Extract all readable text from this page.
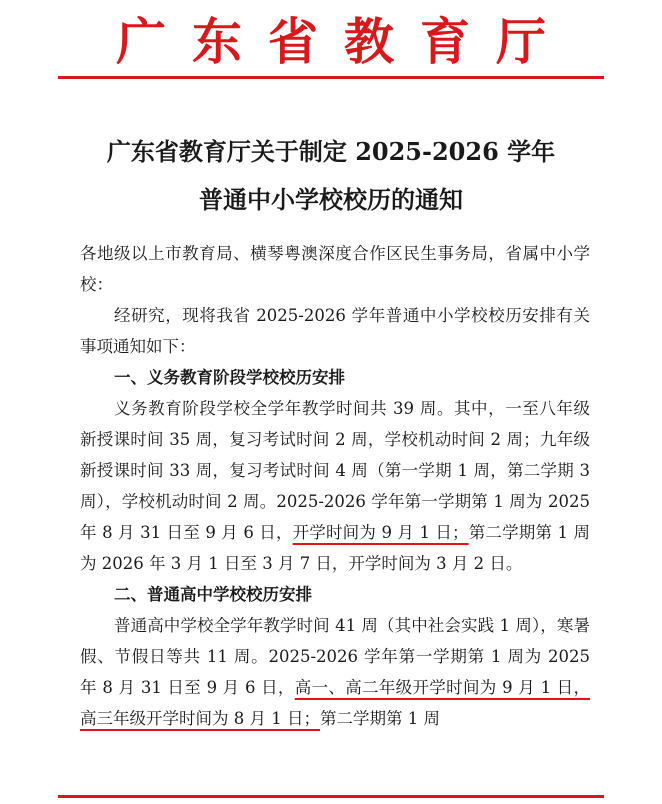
广 东 省 教 育 厅
广东省教育厅关于制定 2025-2026 学年
普通中小学校校历的通知

各地级以上市教育局、横琴粤澳深度合作区民生事务局，省属中小学校：

经研究，现将我省 2025-2026 学年普通中小学校校历安排有关事项通知如下：

一、义务教育阶段学校校历安排

义务教育阶段学校全学年教学时间共 39 周。其中，一至八年级新授课时间 35 周，复习考试时间 2 周，学校机动时间 2 周；九年级新授课时间 33 周，复习考试时间 4 周（第一学期 1 周，第二学期 3 周），学校机动时间 2 周。2025-2026 学年第一学期第 1 周为 2025 年 8 月 31 日至 9 月 6 日，开学时间为 9 月 1 日；第二学期第 1 周为 2026 年 3 月 1 日至 3 月 7 日，开学时间为 3 月 2 日。

二、普通高中学校校历安排

普通高中学校全学年教学时间 41 周（其中社会实践 1 周），寒暑假、节假日等共 11 周。2025-2026 学年第一学期第 1 周为 2025 年 8 月 31 日至 9 月 6 日，高一、高二年级开学时间为 9 月 1 日，高三年级开学时间为 8 月 1 日；第二学期第 1 周
